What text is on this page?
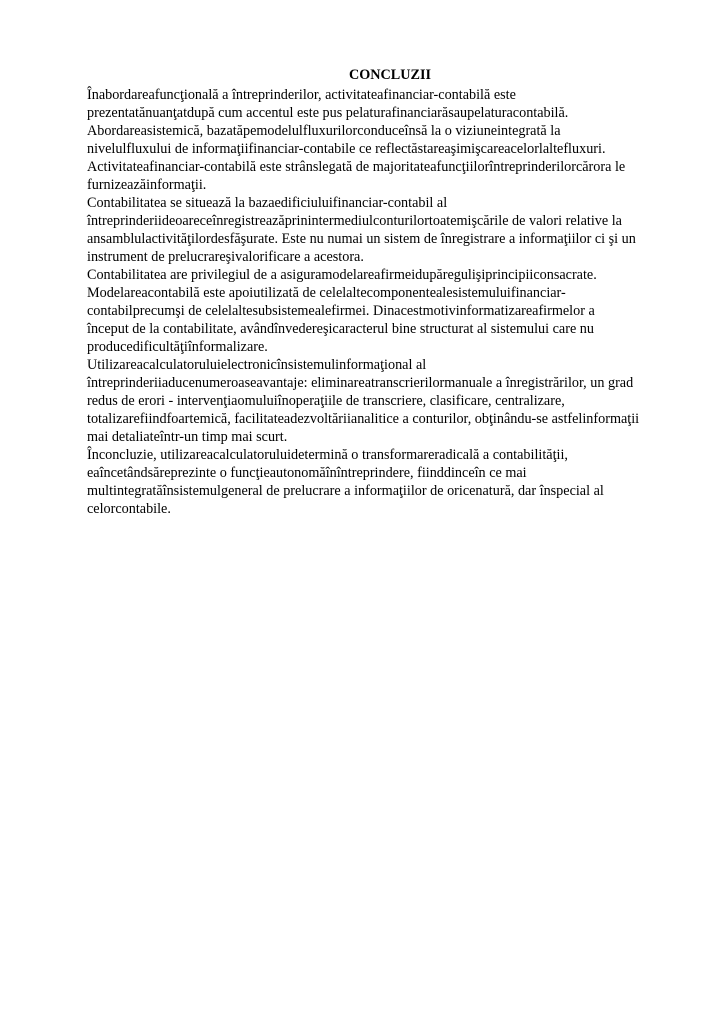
CONCLUZII
Înabordareafuncţională a întreprinderilor, activitateafinanciar-contabilă este
prezentatănuanţatdupă cum accentul este pus pelaturafinanciarăsaupelaturacontabilă.
Abordareasistemică, bazatăpemodelulfluxurilorconduceînsă la o viziuneintegrată la
nivelulfluxului de informaţiifinanciar-contabile ce reflectăstareaşimişcareacelorlaltefluxuri.
Activitateafinanciar-contabilă este strânslegată de majoritateafuncţiilorîntreprinderilorcărora le
furnizeazăinformaţii.
Contabilitatea se situează la bazaedificiuluifinanciar-contabil al
întreprinderiideoareceînregistreazăprinintermediulconturilortoatemişcările de valori relative la
ansamblulactivităţilordesfăşurate. Este nu numai un sistem de înregistrare a informaţiilor ci şi un
instrument de prelucrareşivalorificare a acestora.
Contabilitatea are privilegiul de a asiguramodelareafirmeidupăregulişiprincipiiconsacrate.
Modelareacontabilă este apoiutilizată de celelaltecomponentealesistemuluifinanciar-
contabilprecumşi de celelaltesubsistemealefirmei. Dinacestmotivinformatizareafirmelor a
început de la contabilitate, avândînvedereşicaracterul bine structurat al sistemului care nu
producedificultăţiînformalizare.
Utilizareacalculatoruluielectronicînsistemulinformaţional al
întreprinderiiaducenumeroaseavantaje: eliminareatranscrierilormanuale a înregistrărilor, un grad
redus de erori - intervenţiaomuluiînoperaţiile de transcriere, clasificare, centralizare,
totalizarefiindfoartemică, facilitateadezvoltăriianalitice a conturilor, obţinându-se astfelinformaţii
mai detaliateîntr-un timp mai scurt.
Înconcluzie, utilizareacalculatoruluidetermină o transformareradicală a contabilităţii,
eaîncetândsăreprezinte o funcţieautonomăînîntreprindere, fiinddinceîn ce mai
multintegratăînsistemulgeneral de prelucrare a informaţiilor de oricenatură, dar înspecial al
celorcontabile.
